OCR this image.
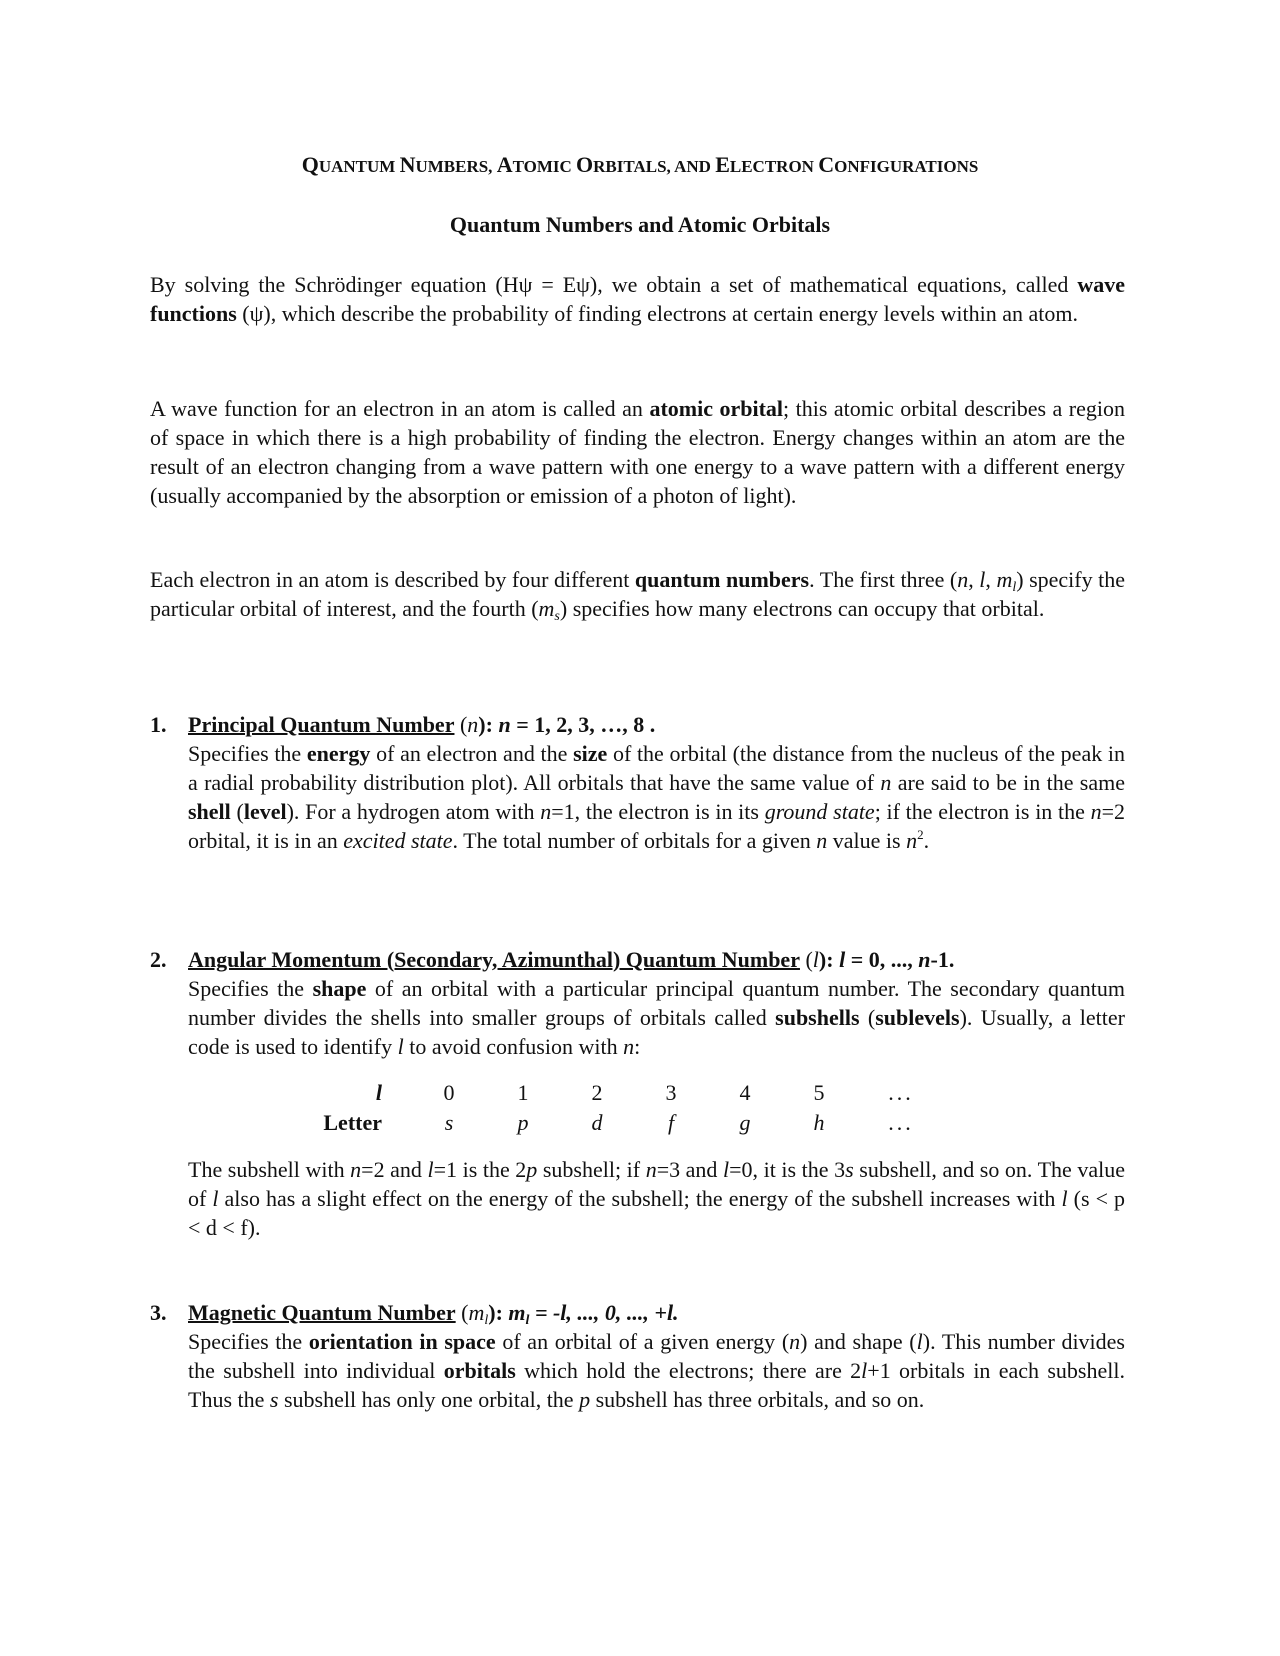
QUANTUM NUMBERS, ATOMIC ORBITALS, AND ELECTRON CONFIGURATIONS
Quantum Numbers and Atomic Orbitals
By solving the Schrödinger equation (Hψ = Eψ), we obtain a set of mathematical equations, called wave functions (ψ), which describe the probability of finding electrons at certain energy levels within an atom.
A wave function for an electron in an atom is called an atomic orbital; this atomic orbital describes a region of space in which there is a high probability of finding the electron. Energy changes within an atom are the result of an electron changing from a wave pattern with one energy to a wave pattern with a different energy (usually accompanied by the absorption or emission of a photon of light).
Each electron in an atom is described by four different quantum numbers. The first three (n, l, $m_l$) specify the particular orbital of interest, and the fourth $(m_s)$ specifies how many electrons can occupy that orbital.
1. Principal Quantum Number (n): n = 1, 2, 3, …, 8 .
Specifies the energy of an electron and the size of the orbital (the distance from the nucleus of the peak in a radial probability distribution plot). All orbitals that have the same value of n are said to be in the same shell (level). For a hydrogen atom with n=1, the electron is in its ground state; if the electron is in the n=2 orbital, it is in an excited state. The total number of orbitals for a given n value is $n^2$.
2. Angular Momentum (Secondary, Azimunthal) Quantum Number (l): l = 0, ..., n-1.
Specifies the shape of an orbital with a particular principal quantum number. The secondary quantum number divides the shells into smaller groups of orbitals called subshells (sublevels). Usually, a letter code is used to identify l to avoid confusion with n:
l	0	1	2	3	4	5	...
Letter	s	p	d	f	g	h	...
The subshell with n=2 and l=1 is the 2p subshell; if n=3 and l=0, it is the 3s subshell, and so on. The value of l also has a slight effect on the energy of the subshell; the energy of the subshell increases with l (s < p < d < f).
3. Magnetic Quantum Number $(m_l)$: $m_l = -l$, ..., 0, ..., +l.
Specifies the orientation in space of an orbital of a given energy (n) and shape (l). This number divides the subshell into individual orbitals which hold the electrons; there are 2l+1 orbitals in each subshell. Thus the s subshell has only one orbital, the p subshell has three orbitals, and so on.
